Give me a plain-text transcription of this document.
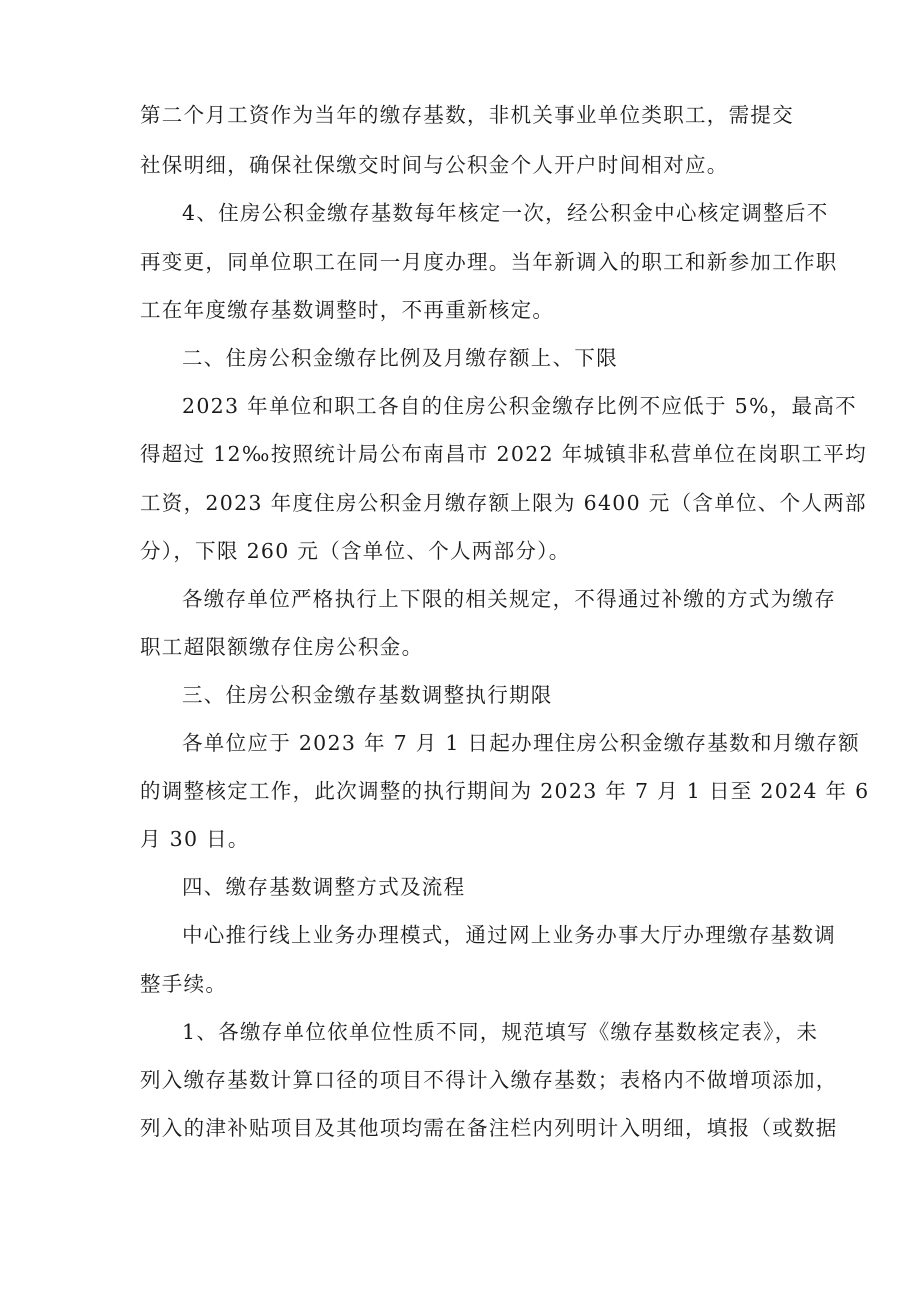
第二个月工资作为当年的缴存基数，非机关事业单位类职工，需提交
社保明细，确保社保缴交时间与公积金个人开户时间相对应。
4、住房公积金缴存基数每年核定一次，经公积金中心核定调整后不
再变更，同单位职工在同一月度办理。当年新调入的职工和新参加工作职
工在年度缴存基数调整时，不再重新核定。
二、住房公积金缴存比例及月缴存额上、下限
2023 年单位和职工各自的住房公积金缴存比例不应低于 5%，最高不
得超过 12‰按照统计局公布南昌市 2022 年城镇非私营单位在岗职工平均
工资，2023 年度住房公积金月缴存额上限为 6400 元（含单位、个人两部
分），下限 260 元（含单位、个人两部分）。
各缴存单位严格执行上下限的相关规定，不得通过补缴的方式为缴存
职工超限额缴存住房公积金。
三、住房公积金缴存基数调整执行期限
各单位应于 2023 年 7 月 1 日起办理住房公积金缴存基数和月缴存额
的调整核定工作，此次调整的执行期间为 2023 年 7 月 1 日至 2024 年 6
月 30 日。
四、缴存基数调整方式及流程
中心推行线上业务办理模式，通过网上业务办事大厅办理缴存基数调
整手续。
1、各缴存单位依单位性质不同，规范填写《缴存基数核定表》，未
列入缴存基数计算口径的项目不得计入缴存基数；表格内不做增项添加，
列入的津补贴项目及其他项均需在备注栏内列明计入明细，填报（或数据
